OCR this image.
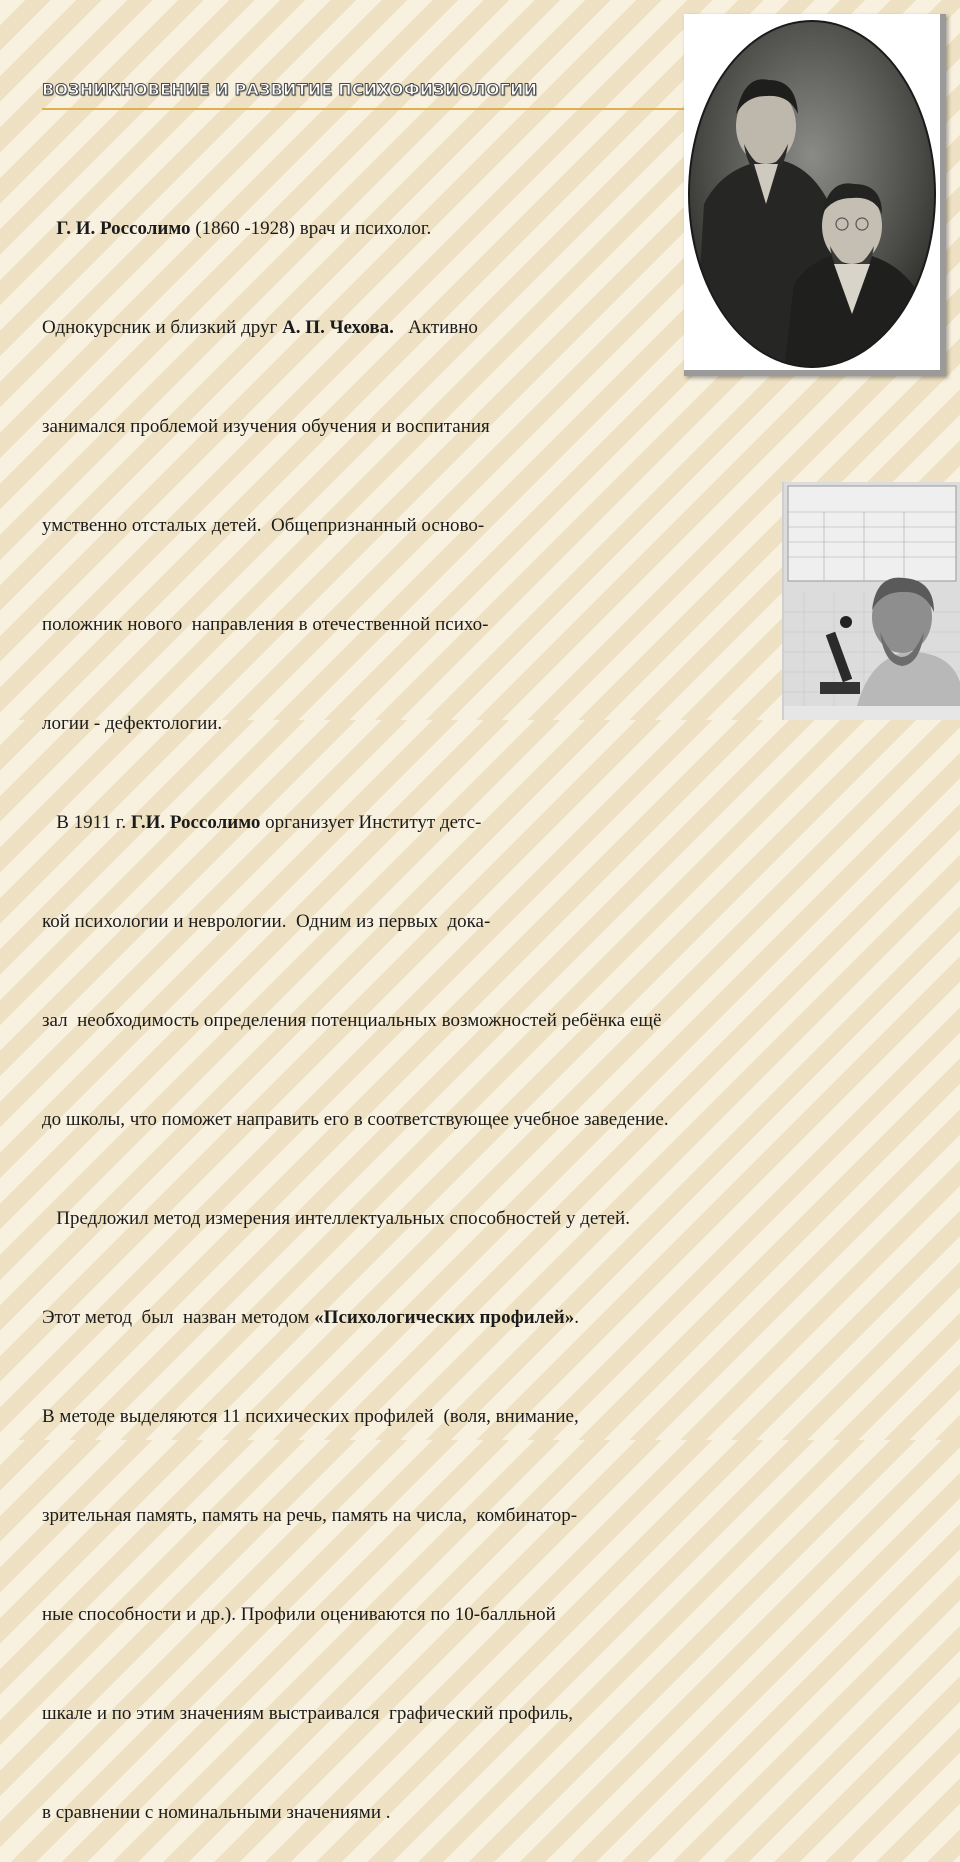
ВОЗНИКНОВЕНИЕ И РАЗВИТИЕ ПСИХОФИЗИОЛОГИИ

Г. И. Россолимо (1860 -1928) врач и психолог.

Однокурсник и близкий друг А. П. Чехова.   Активно

занимался проблемой изучения обучения и воспитания

умственно отсталых детей.  Общепризнанный осново-

положник нового  направления в отечественной психо-

логии - дефектологии.

В 1911 г. Г.И. Россолимо организует Институт детс-

кой психологии и неврологии.  Одним из первых  дока-

зал  необходимость определения потенциальных возможностей ребёнка ещё

до школы, что поможет направить его в соответствующее учебное заведение.

Предложил метод измерения интеллектуальных способностей у детей.

Этот метод  был  назван методом «Психологических профилей».

В методе выделяются 11 психических профилей  (воля, внимание,

зрительная память, память на речь, память на числа,  комбинатор-

ные способности и др.). Профили оцениваются по 10-балльной

шкале и по этим значениям выстраивался  графический профиль,

в сравнении с номинальными значениями .
